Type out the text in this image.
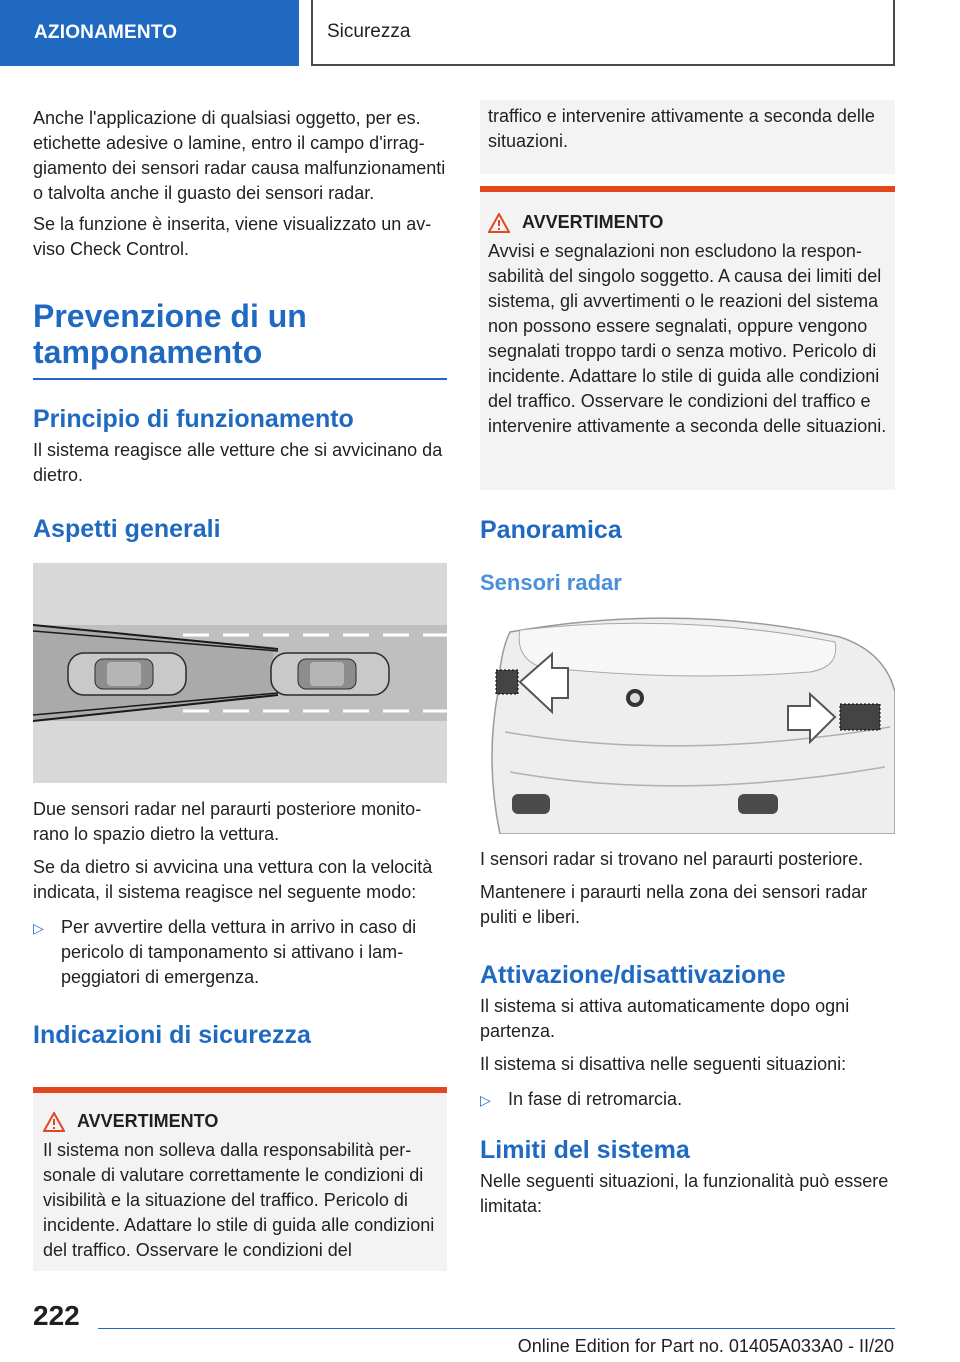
AZIONAMENTO	Sicurezza

Anche l'applicazione di qualsiasi oggetto, per es. etichette adesive o lamine, entro il campo d'irraggiamento dei sensori radar causa malfunzionamenti o talvolta anche il guasto dei sensori radar.

Se la funzione è inserita, viene visualizzato un avviso Check Control.

Prevenzione di un
tamponamento
Principio di funzionamento

Il sistema reagisce alle vetture che si avvicinano da dietro.

Aspetti generali

Due sensori radar nel paraurti posteriore monitorano lo spazio dietro la vettura.

Se da dietro si avvicina una vettura con la velocità indicata, il sistema reagisce nel seguente modo:

▷ Per avvertire della vettura in arrivo in caso di pericolo di tamponamento si attivano i lampeggiatori di emergenza.
Indicazioni di sicurezza
AVVERTIMENTO

Il sistema non solleva dalla responsabilità personale di valutare correttamente le condizioni di visibilità e la situazione del traffico. Pericolo di incidente. Adattare lo stile di guida alle condizioni del traffico. Osservare le condizioni del

traffico e intervenire attivamente a seconda delle situazioni.

AVVERTIMENTO

Avvisi e segnalazioni non escludono la responsabilità del singolo soggetto. A causa dei limiti del sistema, gli avvertimenti o le reazioni del sistema non possono essere segnalati, oppure vengono segnalati troppo tardi o senza motivo. Pericolo di incidente. Adattare lo stile di guida alle condizioni del traffico. Osservare le condizioni del traffico e intervenire attivamente a seconda delle situazioni.

Panoramica
Sensori radar

I sensori radar si trovano nel paraurti posteriore.

Mantenere i paraurti nella zona dei sensori radar puliti e liberi.

Attivazione/disattivazione

Il sistema si attiva automaticamente dopo ogni partenza.

Il sistema si disattiva nelle seguenti situazioni:

▷ In fase di retromarcia.
Limiti del sistema

Nelle seguenti situazioni, la funzionalità può essere limitata:

222
Online Edition for Part no. 01405A033A0 - II/20
